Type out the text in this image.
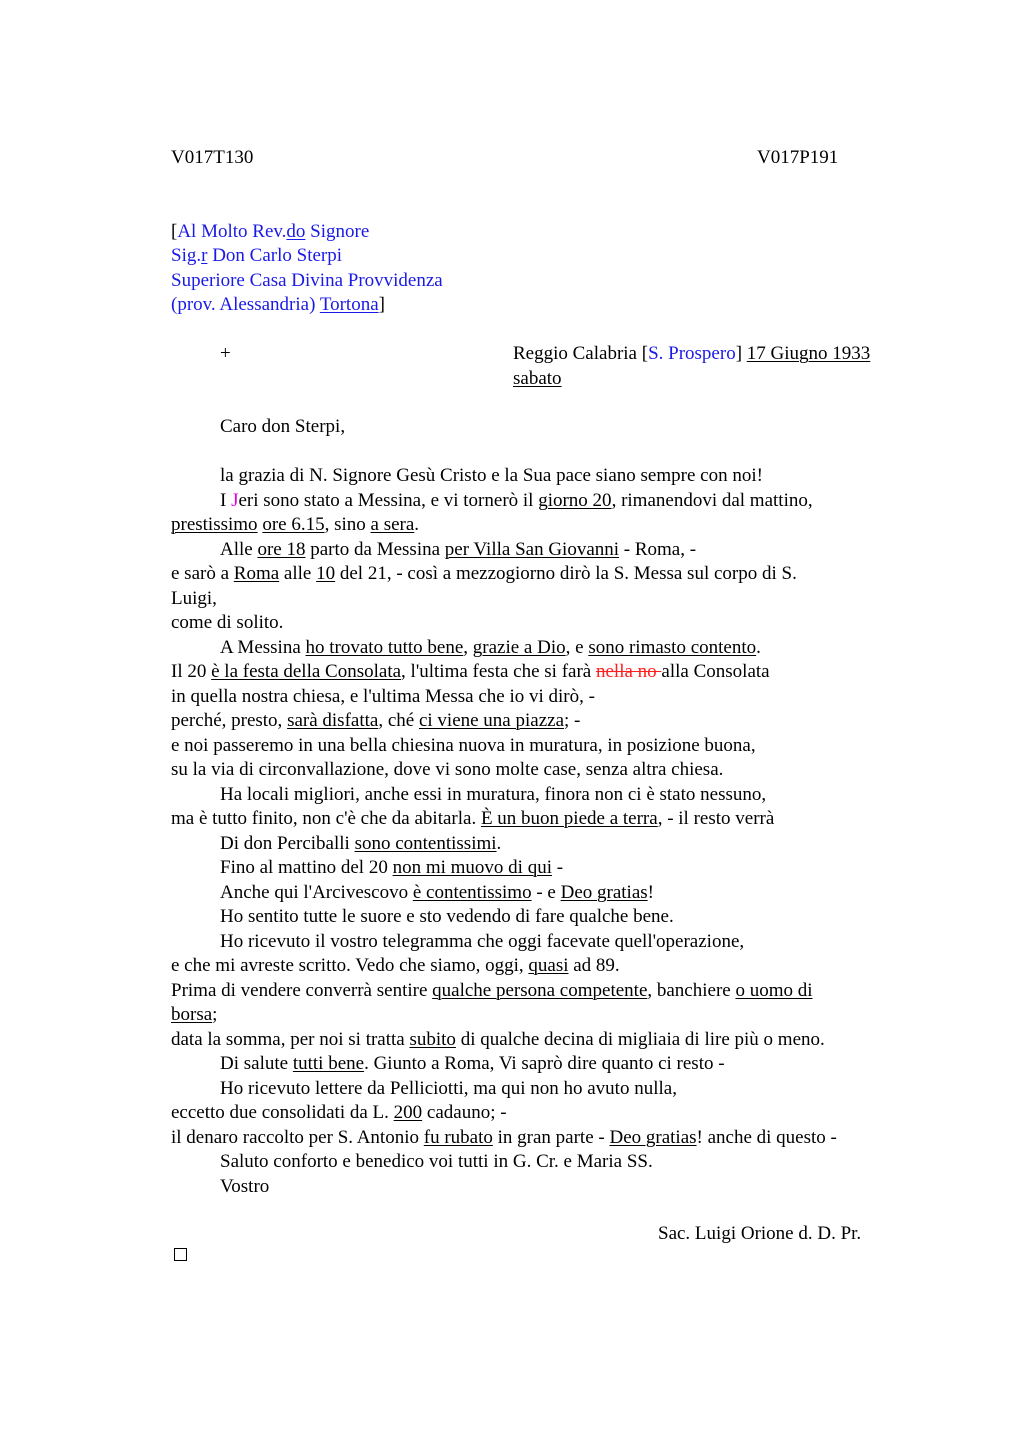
V017T130	V017P191
[Al Molto Rev.do Signore
Sig.r Don Carlo Sterpi
Superiore Casa Divina Provvidenza
(prov. Alessandria) Tortona]
+	Reggio Calabria [S. Prospero] 17 Giugno 1933
sabato
Caro don Sterpi,
la grazia di N. Signore Gesù Cristo e la Sua pace siano sempre con noi!
I Jeri sono stato a Messina, e vi tornerò il giorno 20, rimanendovi dal mattino,
prestissimo ore 6.15, sino a sera.
Alle ore 18 parto da Messina per Villa San Giovanni - Roma, -
e sarò a Roma alle 10 del 21, - così a mezzogiorno dirò la S. Messa sul corpo di S.
Luigi,
come di solito.
A Messina ho trovato tutto bene, grazie a Dio, e sono rimasto contento.
Il 20 è la festa della Consolata, l'ultima festa che si farà nella no alla Consolata
in quella nostra chiesa, e l'ultima Messa che io vi dirò, -
perché, presto, sarà disfatta, ché ci viene una piazza; -
e noi passeremo in una bella chiesina nuova in muratura, in posizione buona,
su la via di circonvallazione, dove vi sono molte case, senza altra chiesa.
Ha locali migliori, anche essi in muratura, finora non ci è stato nessuno,
ma è tutto finito, non c'è che da abitarla. È un buon piede a terra, - il resto verrà
Di don Perciballi sono contentissimi.
Fino al mattino del 20 non mi muovo di qui -
Anche qui l'Arcivescovo è contentissimo - e Deo gratias!
Ho sentito tutte le suore e sto vedendo di fare qualche bene.
Ho ricevuto il vostro telegramma che oggi facevate quell'operazione,
e che mi avreste scritto. Vedo che siamo, oggi, quasi ad 89.
Prima di vendere converrà sentire qualche persona competente, banchiere o uomo di
borsa;
data la somma, per noi si tratta subito di qualche decina di migliaia di lire più o meno.
Di salute tutti bene. Giunto a Roma, Vi saprò dire quanto ci resto -
Ho ricevuto lettere da Pelliciotti, ma qui non ho avuto nulla,
eccetto due consolidati da L. 200 cadauno; -
il denaro raccolto per S. Antonio fu rubato in gran parte - Deo gratias! anche di questo -
Saluto conforto e benedico voi tutti in G. Cr. e Maria SS.
Vostro
Sac. Luigi Orione d. D. Pr.
